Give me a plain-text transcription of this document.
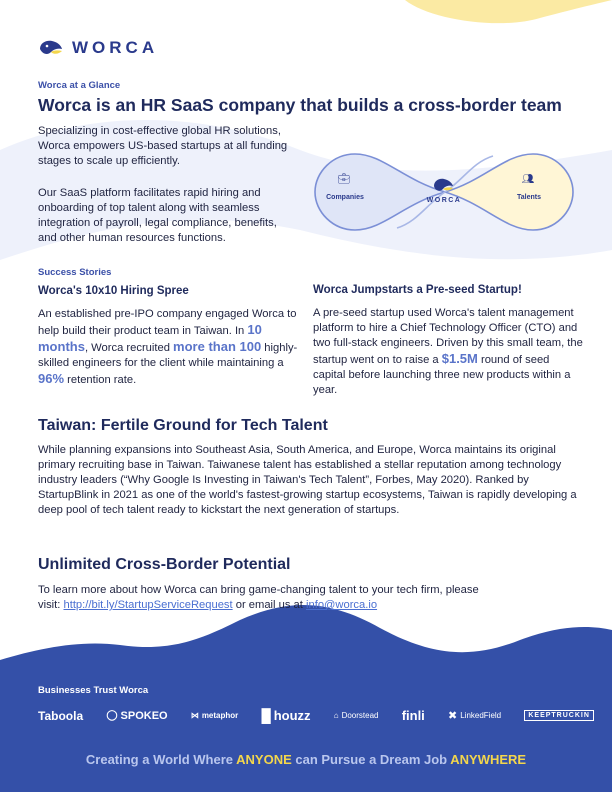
WORCA
Worca at a Glance
Worca is an HR SaaS company that builds a cross-border team
Specializing in cost-effective global HR solutions, Worca empowers US-based startups at all funding stages to scale up efficiently.
Our SaaS platform facilitates rapid hiring and onboarding of top talent along with seamless integration of payroll, legal compliance, benefits, and other human resources functions.
💼︎
Companies	WORCA
👥︎
Talents
Success Stories
Worca's 10x10 Hiring Spree
An established pre-IPO company engaged Worca to help build their product team in Taiwan. In 10 months, Worca recruited more than 100 highly-skilled engineers for the client while maintaining a 96% retention rate.
Worca Jumpstarts a Pre-seed Startup!
A pre-seed startup used Worca's talent management platform to hire a Chief Technology Officer (CTO) and two full-stack engineers. Driven by this small team, the startup went on to raise a $1.5M round of seed capital before launching three new products within a year.
Taiwan: Fertile Ground for Tech Talent
While planning expansions into Southeast Asia, South America, and Europe, Worca maintains its original primary recruiting base in Taiwan. Taiwanese talent has established a stellar reputation among technology industry leaders (“Why Google Is Investing in Taiwan's Tech Talent”, Forbes, May 2020). Ranked by StartupBlink in 2021 as one of the world's fastest-growing startup ecosystems, Taiwan is rapidly developing a deep pool of tech talent ready to kickstart the next generation of startups.
Unlimited Cross-Border Potential
To learn more about how Worca can bring game-changing talent to your tech firm, please visit: http://bit.ly/StartupServiceRequest or email us at info@worca.io
Businesses Trust Worca
Taboola ◯ SPOKEO	⋈ metaphor █ houzz	⌂ Doorstead finli ✖ LinkedField	KEEPTRUCKIN
Creating a World Where ANYONE can Pursue a Dream Job ANYWHERE
